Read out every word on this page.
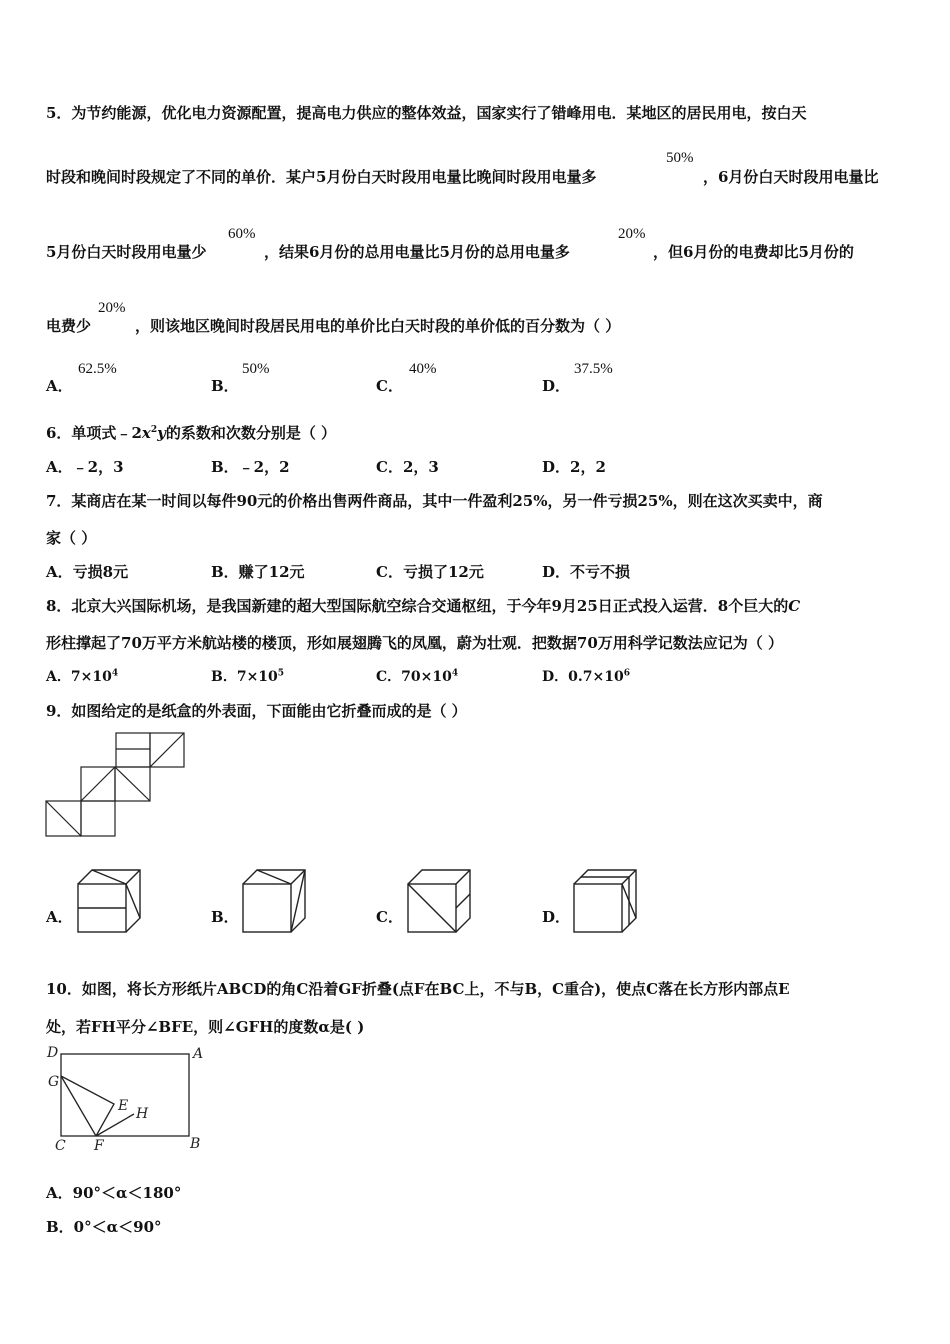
5．为节约能源，优化电力资源配置，提高电力供应的整体效益，国家实行了错峰用电．某地区的居民用电，按白天
时段和晚间时段规定了不同的单价．某户5月份白天时段用电量比晚间时段用电量多
50%
，6月份白天时段用电量比
5月份白天时段用电量少
60%
，结果6月份的总用电量比5月份的总用电量多
20%
，但6月份的电费却比5月份的
电费少
20%
，则该地区晚间时段居民用电的单价比白天时段的单价低的百分数为（ ）
A．
62.5%
B．
50%
C．
40%
D．
37.5%
6．单项式$﹣2x^2y$的系数和次数分别是（ ）
A．﹣2，3	B．﹣2，2	C．2，3	D．2，2
7．某商店在某一时间以每件90元的价格出售两件商品，其中一件盈利25%，另一件亏损25%，则在这次买卖中，商
家（ ）
A．亏损8元	B．赚了12元	C．亏损了12元	D．不亏不损
8．北京大兴国际机场，是我国新建的超大型国际航空综合交通枢纽，于今年9月25日正式投入运营．8个巨大的C
形柱撑起了70万平方米航站楼的楼顶，形如展翅腾飞的凤凰，蔚为壮观．把数据70万用科学记数法应记为（ ）
A．$7\times 10^4$	B．$7\times 10^5$	C．$70\times 10^4$	D．$0.7\times 10^6$
9．如图给定的是纸盒的外表面，下面能由它折叠而成的是（ ）
A．	B．	C．	D．
10．如图，将长方形纸片ABCD的角C沿着GF折叠(点F在BC上，不与B，C重合)，使点C落在长方形内部点E
处，若FH平分∠BFE，则∠GFH的度数α是( )
D	A
G
E H
C F	B
A．90°＜α＜180°
B．0°＜α＜90°
